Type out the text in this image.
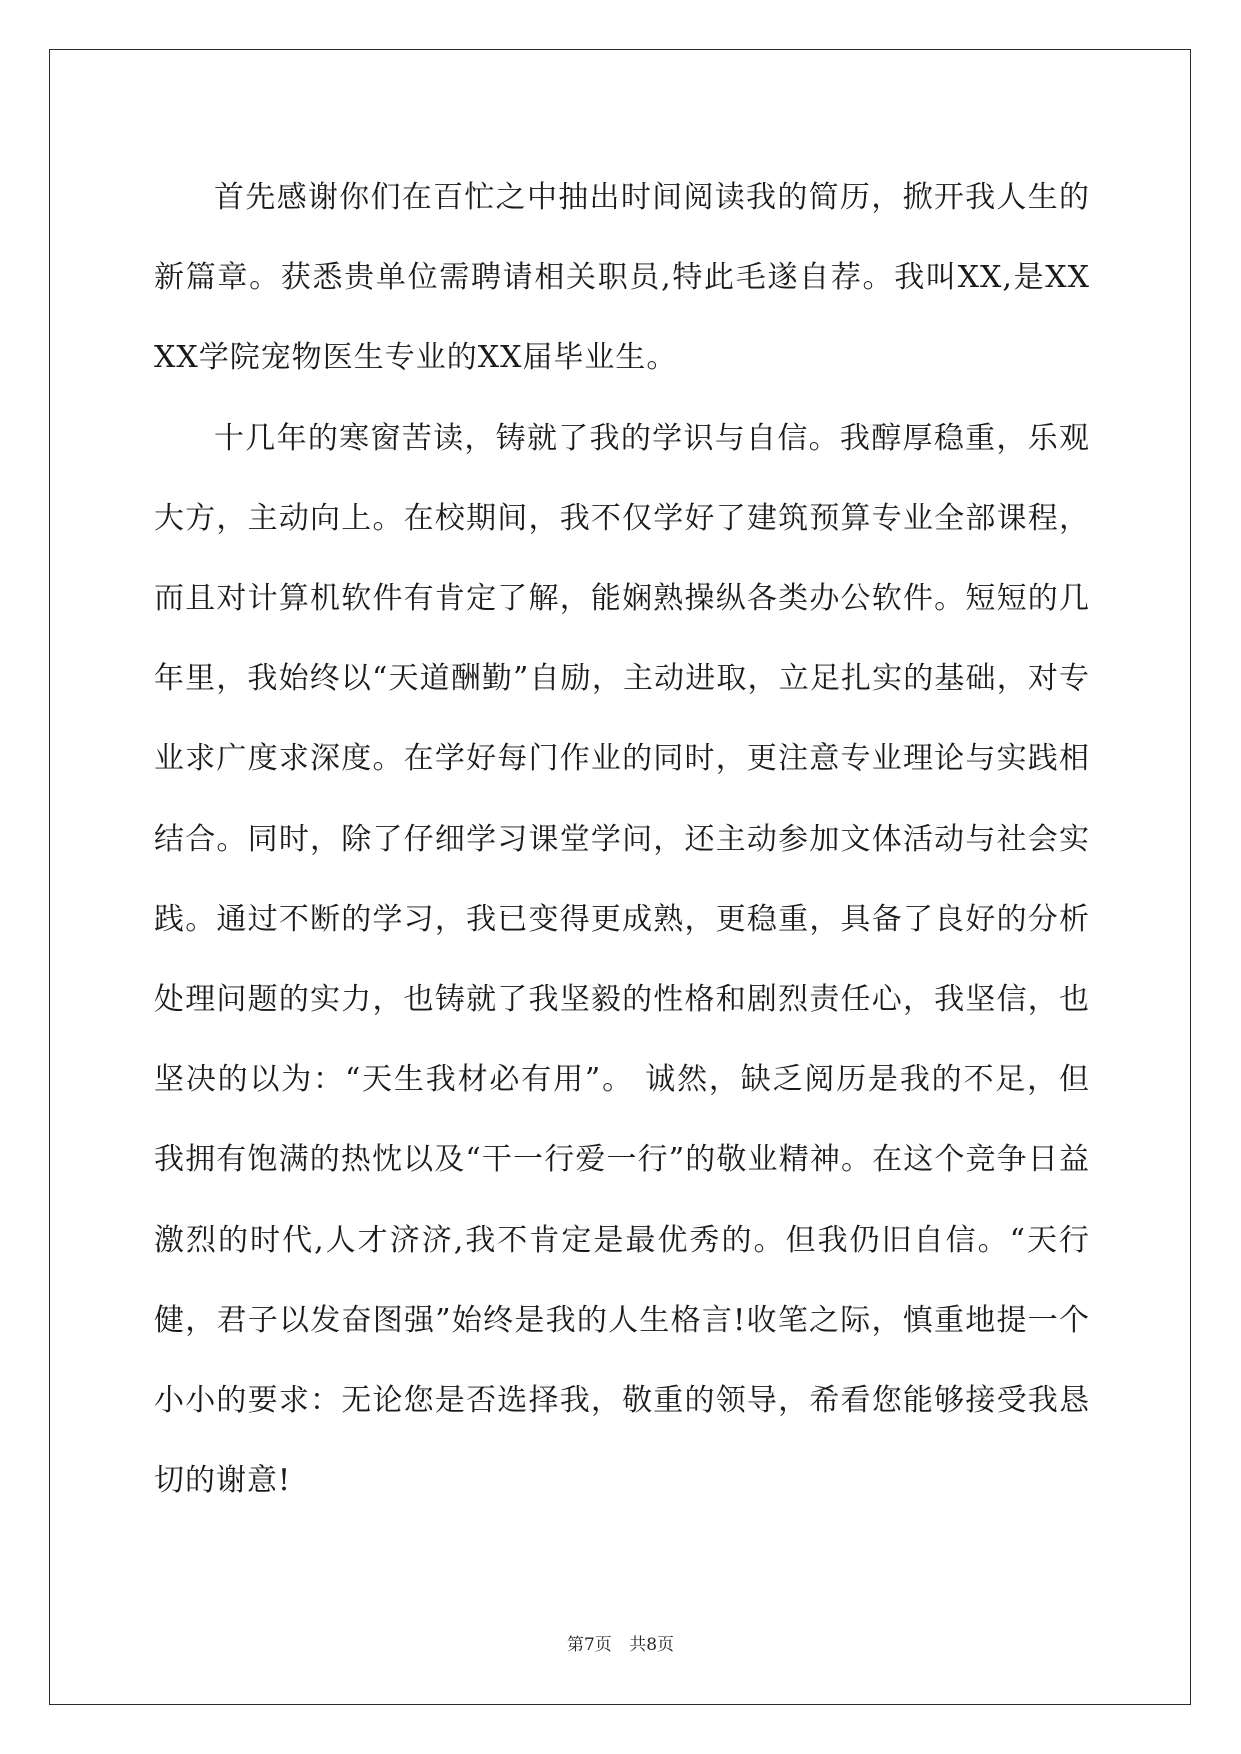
首先感谢你们在百忙之中抽出时间阅读我的简历，掀开我人生的新篇章。获悉贵单位需聘请相关职员,特此毛遂自荐。我叫XX,是XXXX学院宠物医生专业的XX届毕业生。

十几年的寒窗苦读，铸就了我的学识与自信。我醇厚稳重，乐观大方，主动向上。在校期间，我不仅学好了建筑预算专业全部课程，而且对计算机软件有肯定了解，能娴熟操纵各类办公软件。短短的几年里，我始终以“天道酬勤”自励，主动进取，立足扎实的基础，对专业求广度求深度。在学好每门作业的同时，更注意专业理论与实践相结合。同时，除了仔细学习课堂学问，还主动参加文体活动与社会实践。通过不断的学习，我已变得更成熟，更稳重，具备了良好的分析处理问题的实力，也铸就了我坚毅的性格和剧烈责任心，我坚信，也坚决的以为：“天生我材必有用”。 诚然，缺乏阅历是我的不足，但我拥有饱满的热忱以及“干一行爱一行”的敬业精神。在这个竞争日益激烈的时代,人才济济,我不肯定是最优秀的。但我仍旧自信。“天行健，君子以发奋图强”始终是我的人生格言!收笔之际，慎重地提一个小小的要求：无论您是否选择我，敬重的领导，希看您能够接受我恳切的谢意!

第7页 共8页
